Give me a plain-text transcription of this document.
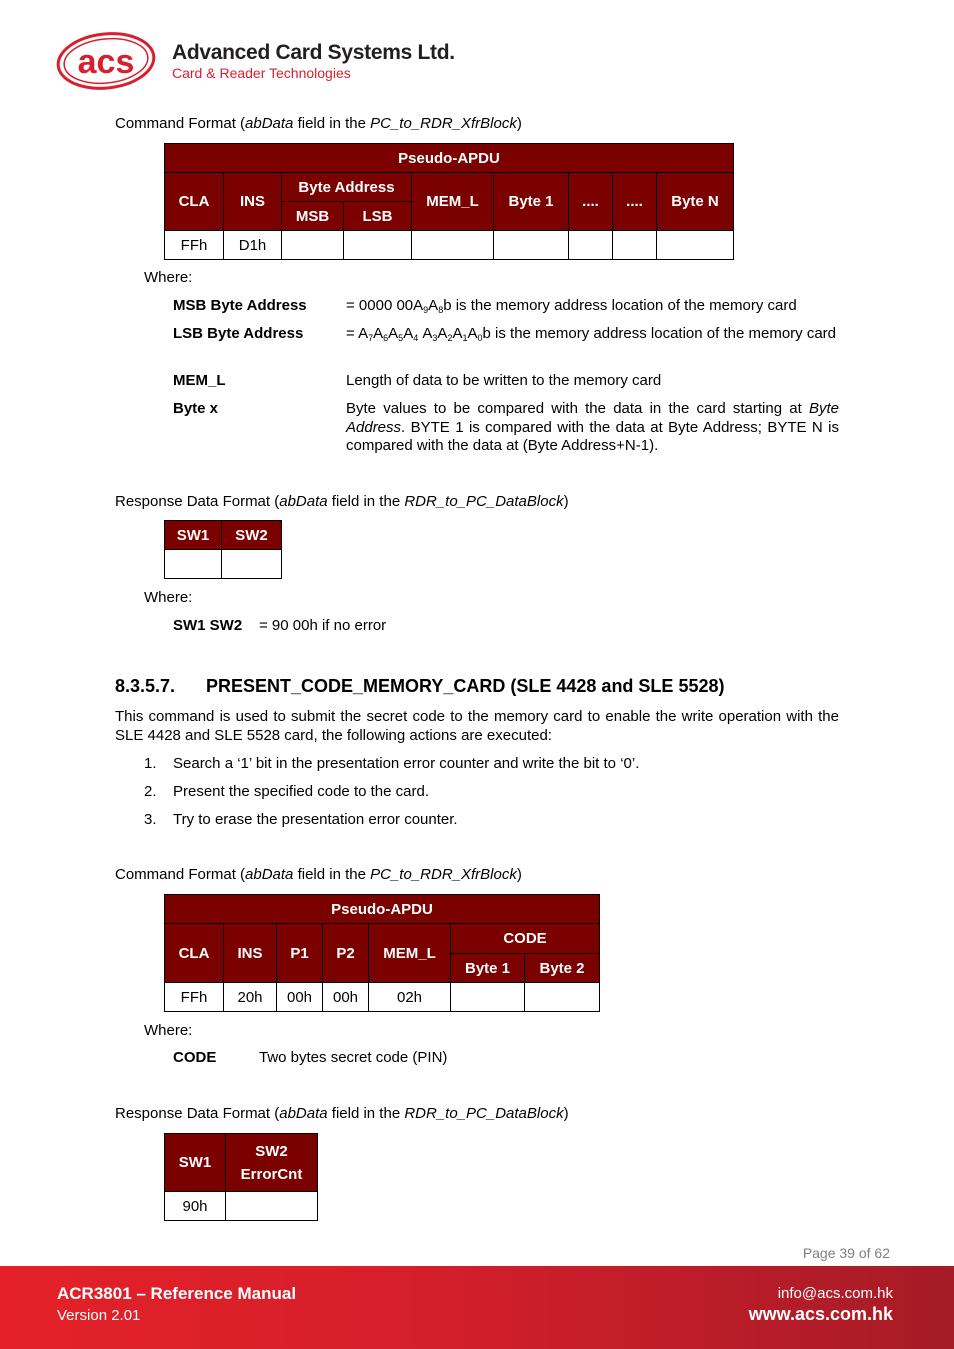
acs Advanced Card Systems Ltd.
Card & Reader Technologies
Command Format (abData field in the PC_to_RDR_XfrBlock)
Pseudo-APDU								
CLA	INS	Byte Address		MEM_L	Byte 1	....	....	Byte N
		MSB	LSB					
FFh	D1h							
Where:
MSB Byte Address	= 0000 $00A_9A_8b$ is the memory address location of the memory card
LSB Byte Address	= $A_7A_6A_5A_4$ $A_3A_2A_1A_0b$ is the memory address location of the memory card
MEM_L	Length of data to be written to the memory card
Byte x	Byte values to be compared with the data in the card starting at Byte Address. BYTE 1 is compared with the data at Byte Address; BYTE N is compared with the data at (Byte Address+N-1).
Response Data Format (abData field in the RDR_to_PC_DataBlock)
SW1	SW2

Where:
SW1 SW2 = 90 00h if no error
8.3.5.7. PRESENT_CODE_MEMORY_CARD (SLE 4428 and SLE 5528)
This command is used to submit the secret code to the memory card to enable the write operation with the SLE 4428 and SLE 5528 card, the following actions are executed:
1. Search a ‘1’ bit in the presentation error counter and write the bit to ‘0’.
2. Present the specified code to the card.
3. Try to erase the presentation error counter.
Command Format (abData field in the PC_to_RDR_XfrBlock)
Pseudo-APDU						
CLA	INS	P1	P2	MEM_L	CODE	
					Byte 1	Byte 2
FFh	20h	00h	00h	02h		
Where:
CODE	Two bytes secret code (PIN)
Response Data Format (abData field in the RDR_to_PC_DataBlock)
SW1	SW2
ErrorCnt

90h	
Page 39 of 62
ACR3801 – Reference Manual
Version 2.01
info@acs.com.hk
www.acs.com.hk
